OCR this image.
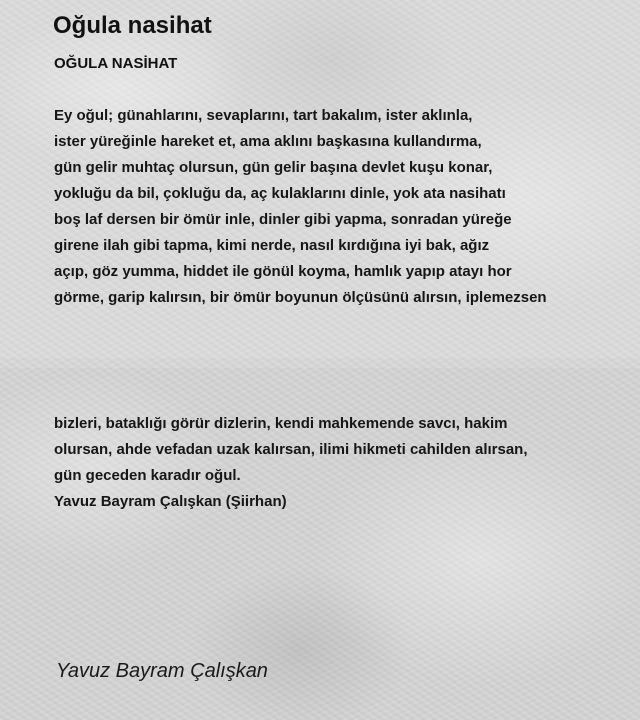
Oğula nasihat
OĞULA NASİHAT
Ey oğul; günahlarını, sevaplarını, tart bakalım, ister aklınla,
ister yüreğinle hareket et, ama aklını başkasına kullandırma,
gün gelir muhtaç olursun, gün gelir başına devlet kuşu konar,
yokluğu da bil, çokluğu da, aç kulaklarını dinle, yok ata nasihatı
boş laf dersen bir ömür inle, dinler gibi yapma, sonradan yüreğe
girene ilah gibi tapma, kimi nerde, nasıl kırdığına iyi bak, ağız
açıp, göz yumma, hiddet ile gönül koyma, hamlık yapıp atayı hor
görme, garip kalırsın, bir ömür boyunun ölçüsünü alırsın, iplemezsen
bizleri, bataklığı görür dizlerin, kendi mahkemende savcı, hakim
olursan, ahde vefadan uzak kalırsan, ilimi hikmeti cahilden alırsan,
gün geceden karadır oğul.
Yavuz Bayram Çalışkan (Şiirhan)

Yavuz Bayram Çalışkan
